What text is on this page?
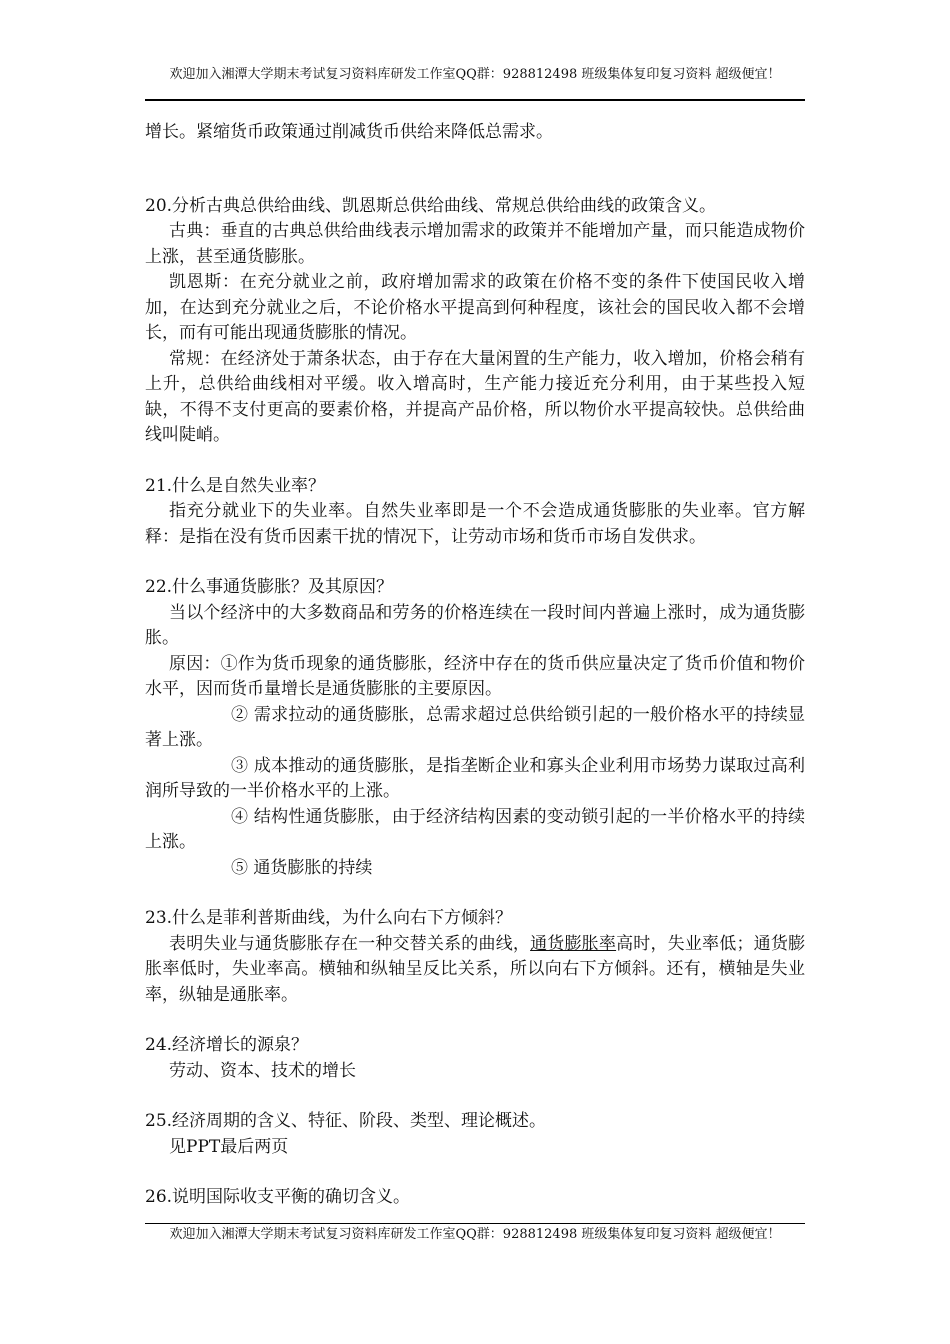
欢迎加入湘潭大学期末考试复习资料库研发工作室QQ群：928812498 班级集体复印复习资料 超级便宜！

增长。紧缩货币政策通过削减货币供给来降低总需求。

20.分析古典总供给曲线、凯恩斯总供给曲线、常规总供给曲线的政策含义。

古典：垂直的古典总供给曲线表示增加需求的政策并不能增加产量，而只能造成物价上涨，甚至通货膨胀。

凯恩斯：在充分就业之前，政府增加需求的政策在价格不变的条件下使国民收入增加，在达到充分就业之后，不论价格水平提高到何种程度，该社会的国民收入都不会增长，而有可能出现通货膨胀的情况。

常规：在经济处于萧条状态，由于存在大量闲置的生产能力，收入增加，价格会稍有上升，总供给曲线相对平缓。收入增高时，生产能力接近充分利用，由于某些投入短缺，不得不支付更高的要素价格，并提高产品价格，所以物价水平提高较快。总供给曲线叫陡峭。

21.什么是自然失业率？

指充分就业下的失业率。自然失业率即是一个不会造成通货膨胀的失业率。官方解释：是指在没有货币因素干扰的情况下，让劳动市场和货币市场自发供求。

22.什么事通货膨胀？及其原因？

当以个经济中的大多数商品和劳务的价格连续在一段时间内普遍上涨时，成为通货膨胀。

原因：①作为货币现象的通货膨胀，经济中存在的货币供应量决定了货币价值和物价水平，因而货币量增长是通货膨胀的主要原因。

② 需求拉动的通货膨胀，总需求超过总供给锁引起的一般价格水平的持续显著上涨。

③ 成本推动的通货膨胀，是指垄断企业和寡头企业利用市场势力谋取过高利润所导致的一半价格水平的上涨。

④ 结构性通货膨胀，由于经济结构因素的变动锁引起的一半价格水平的持续上涨。

⑤ 通货膨胀的持续

23.什么是菲利普斯曲线，为什么向右下方倾斜？

表明失业与通货膨胀存在一种交替关系的曲线，通货膨胀率高时，失业率低；通货膨胀率低时，失业率高。横轴和纵轴呈反比关系，所以向右下方倾斜。还有，横轴是失业率，纵轴是通胀率。

24.经济增长的源泉？

劳动、资本、技术的增长

25.经济周期的含义、特征、阶段、类型、理论概述。

见PPT最后两页

26.说明国际收支平衡的确切含义。

欢迎加入湘潭大学期末考试复习资料库研发工作室QQ群：928812498 班级集体复印复习资料 超级便宜！
